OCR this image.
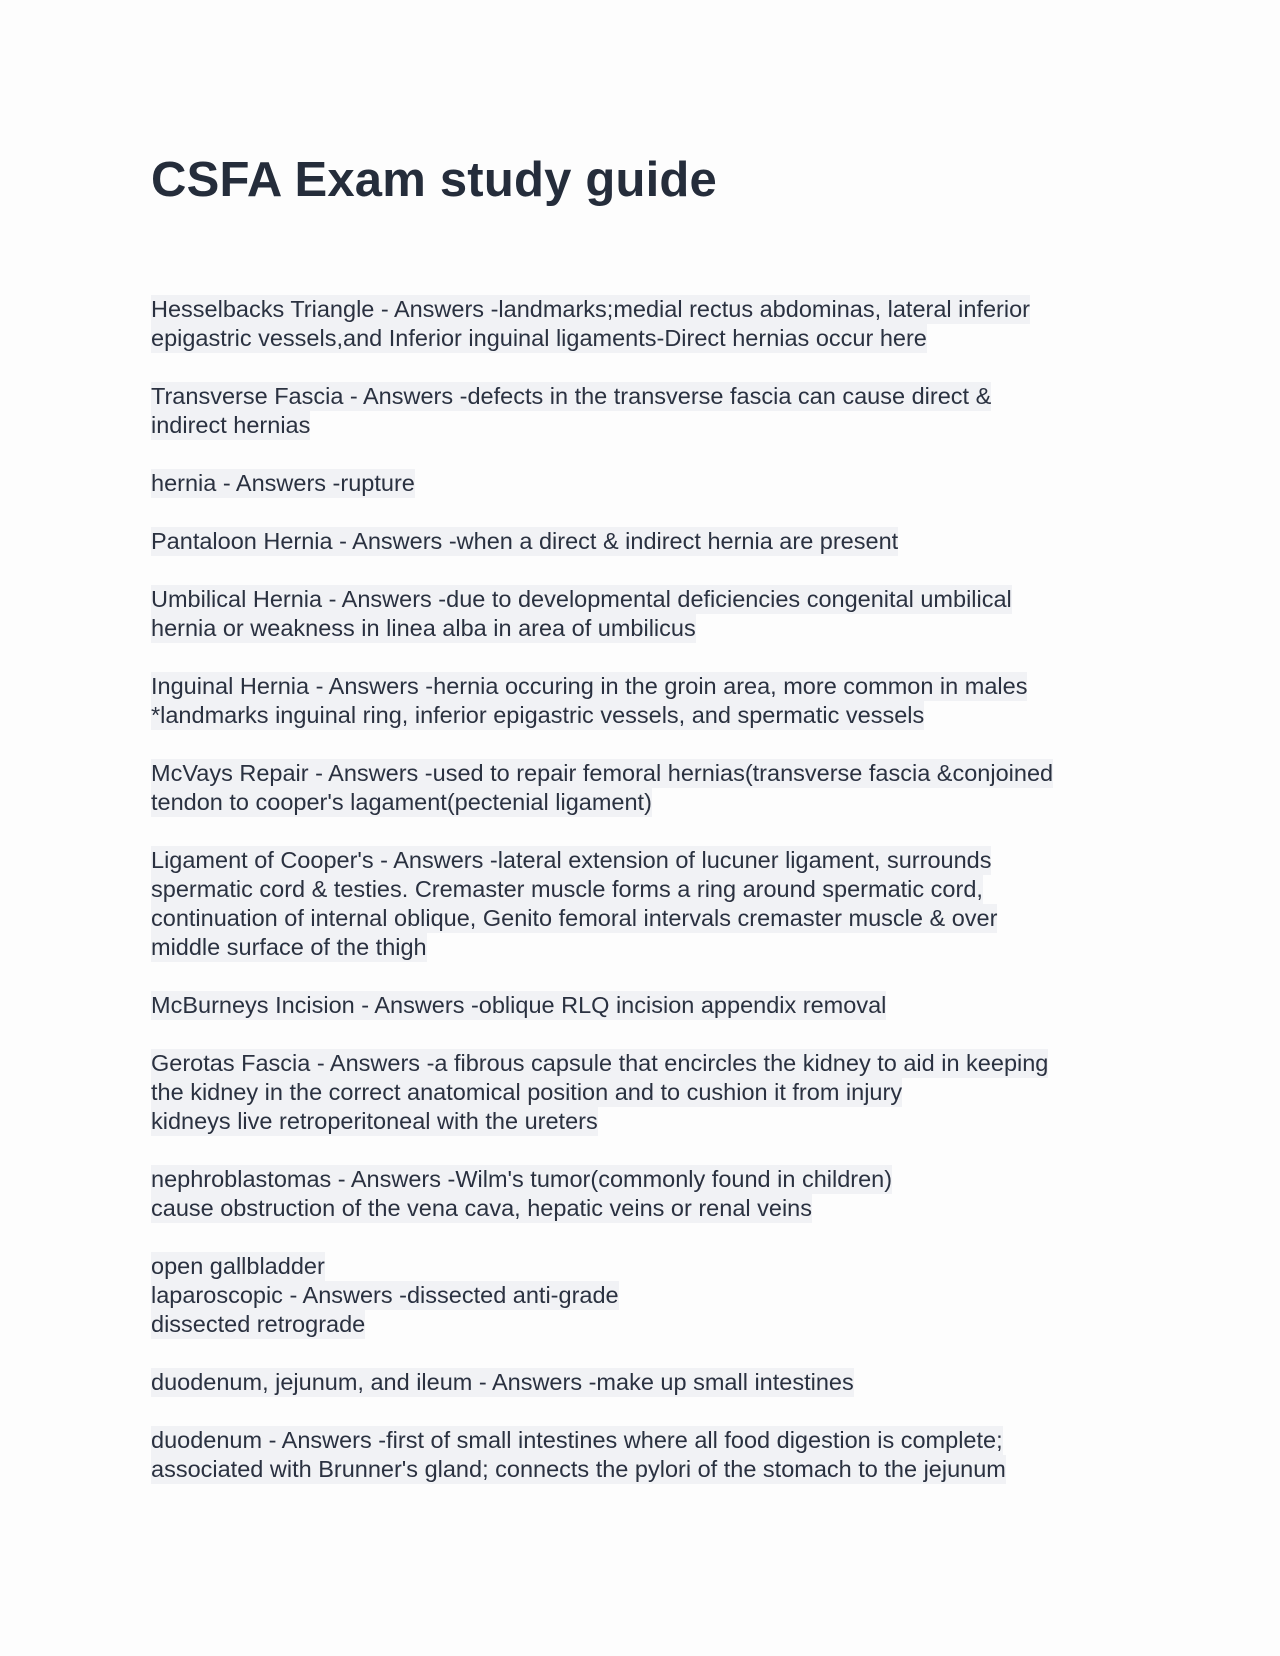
CSFA Exam study guide

Hesselbacks Triangle - Answers -landmarks;medial rectus abdominas, lateral inferior
epigastric vessels,and Inferior inguinal ligaments-Direct hernias occur here

Transverse Fascia - Answers -defects in the transverse fascia can cause direct &
indirect hernias

hernia - Answers -rupture

Pantaloon Hernia - Answers -when a direct & indirect hernia are present

Umbilical Hernia - Answers -due to developmental deficiencies congenital umbilical
hernia or weakness in linea alba in area of umbilicus

Inguinal Hernia - Answers -hernia occuring in the groin area, more common in males
*landmarks inguinal ring, inferior epigastric vessels, and spermatic vessels

McVays Repair - Answers -used to repair femoral hernias(transverse fascia &conjoined
tendon to cooper's lagament(pectenial ligament)

Ligament of Cooper's - Answers -lateral extension of lucuner ligament, surrounds
spermatic cord & testies. Cremaster muscle forms a ring around spermatic cord,
continuation of internal oblique, Genito femoral intervals cremaster muscle & over
middle surface of the thigh

McBurneys Incision - Answers -oblique RLQ incision appendix removal

Gerotas Fascia - Answers -a fibrous capsule that encircles the kidney to aid in keeping
the kidney in the correct anatomical position and to cushion it from injury
kidneys live retroperitoneal with the ureters

nephroblastomas - Answers -Wilm's tumor(commonly found in children)
cause obstruction of the vena cava, hepatic veins or renal veins

open gallbladder
laparoscopic - Answers -dissected anti-grade
dissected retrograde

duodenum, jejunum, and ileum - Answers -make up small intestines

duodenum - Answers -first of small intestines where all food digestion is complete;
associated with Brunner's gland; connects the pylori of the stomach to the jejunum
